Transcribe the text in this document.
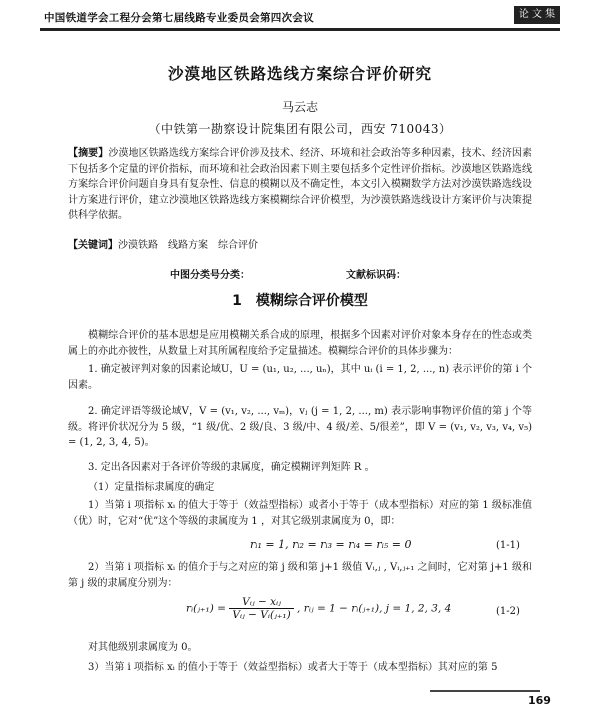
中国铁道学会工程分会第七届线路专业委员会第四次会议	论 文 集
沙漠地区铁路选线方案综合评价研究
马云志
（中铁第一勘察设计院集团有限公司，西安 710043）
【摘要】沙漠地区铁路选线方案综合评价涉及技术、经济、环境和社会政治等多种因素，技术、经济因素下包括多个定量的评价指标，而环境和社会政治因素下则主要包括多个定性评价指标。沙漠地区铁路选线方案综合评价问题自身具有复杂性、信息的模糊以及不确定性，本文引入模糊数学方法对沙漠铁路选线设计方案进行评价，建立沙漠地区铁路选线方案模糊综合评价模型，为沙漠铁路选线设计方案评价与决策提供科学依据。
【关键词】沙漠铁路　线路方案　综合评价
中图分类号分类：	文献标识码：
1　模糊综合评价模型
模糊综合评价的基本思想是应用模糊关系合成的原理，根据多个因素对评价对象本身存在的性态或类属上的亦此亦彼性，从数量上对其所属程度给予定量描述。模糊综合评价的具体步骤为：
1. 确定被评判对象的因素论域U，U = (u₁, u₂, ..., uₙ)，其中 uᵢ (i = 1, 2, ..., n) 表示评价的第 i 个因素。
2. 确定评语等级论域V，V = (v₁, v₂, ..., vₘ)，vⱼ (j = 1, 2, ..., m) 表示影响事物评价值的第 j 个等级。将评价状况分为 5 级，“1 级/优、2 级/良、3 级/中、4 级/差、5/很差”，即 V = (v₁, v₂, v₃, v₄, v₅) = (1, 2, 3, 4, 5)。
3. 定出各因素对于各评价等级的隶属度，确定模糊评判矩阵 R 。
（1）定量指标隶属度的确定
1）当第 i 项指标 xᵢ 的值大于等于（效益型指标）或者小于等于（成本型指标）对应的第 1 级标准值（优）时，它对“优”这个等级的隶属度为 1 ，对其它级别隶属度为 0，即：
rᵢ₁ = 1, rᵢ₂ = rᵢ₃ = rᵢ₄ = rᵢ₅ = 0	(1-1)
2）当第 i 项指标 xᵢ 的值介于与之对应的第 j 级和第 j+1 级值 Vᵢ,ⱼ , Vᵢ,ⱼ₊₁ 之间时，它对第 j+1 级和第 j 级的隶属度分别为：
rᵢ(ⱼ₊₁) = $\frac{\text{Vᵢⱼ − xᵢⱼ}}{\text{Vᵢⱼ − Vᵢ(ⱼ₊₁)}}$ , rᵢⱼ = 1 − rᵢ(ⱼ₊₁), j = 1, 2, 3, 4	(1-2)
对其他级别隶属度为 0。
3）当第 i 项指标 xᵢ 的值小于等于（效益型指标）或者大于等于（成本型指标）其对应的第 5
169
